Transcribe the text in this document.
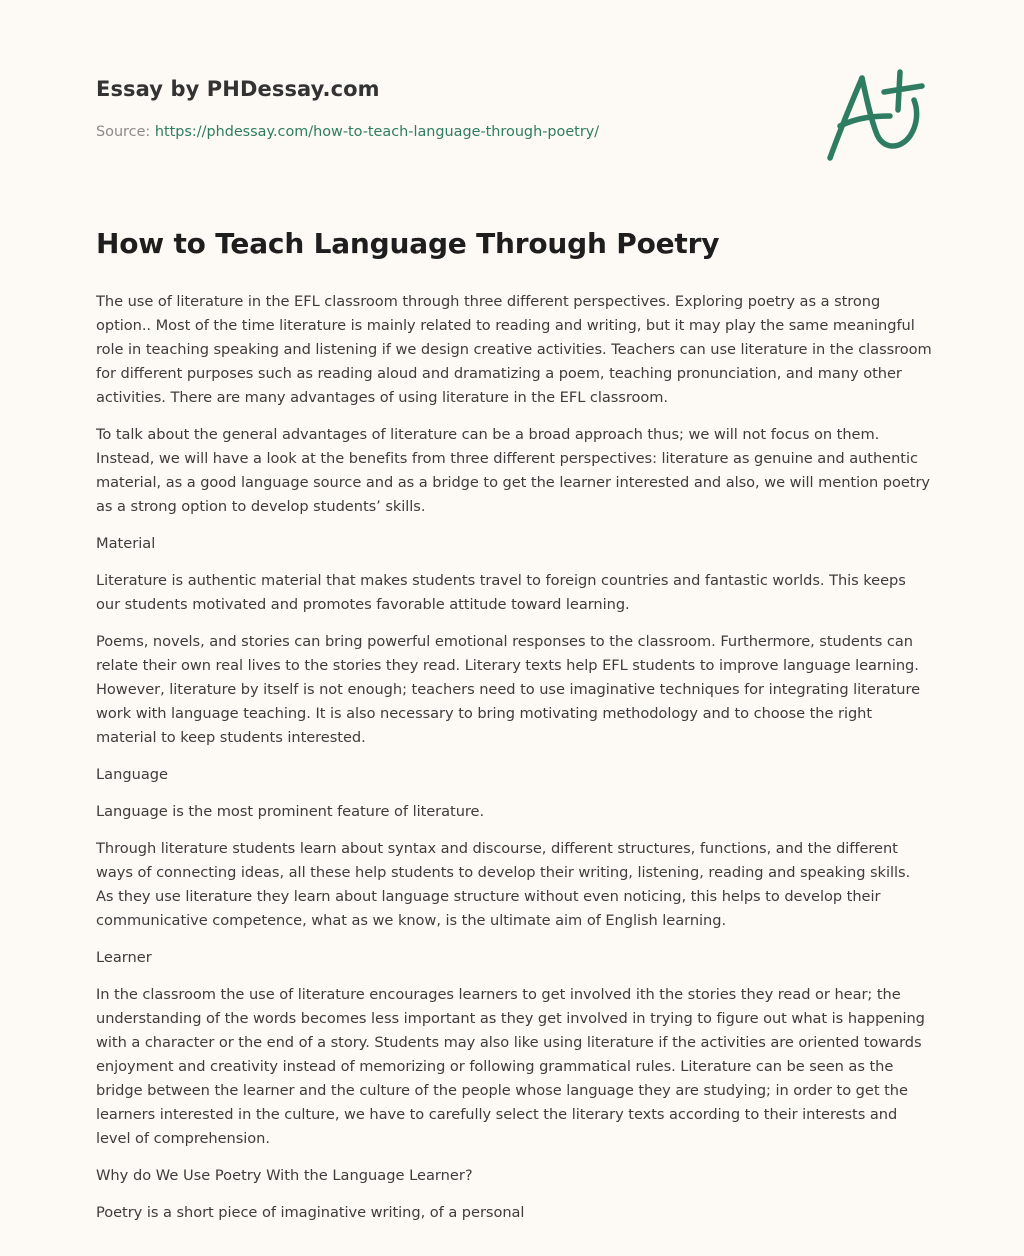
Essay by PHDessay.com
Source: https://phdessay.com/how-to-teach-language-through-poetry/
How to Teach Language Through Poetry

The use of literature in the EFL classroom through three different perspectives. Exploring poetry as a strong option.. Most of the time literature is mainly related to reading and writing, but it may play the same meaningful role in teaching speaking and listening if we design creative activities. Teachers can use literature in the classroom for different purposes such as reading aloud and dramatizing a poem, teaching pronunciation, and many other activities. There are many advantages of using literature in the EFL classroom.

To talk about the general advantages of literature can be a broad approach thus; we will not focus on them. Instead, we will have a look at the benefits from three different perspectives: literature as genuine and authentic material, as a good language source and as a bridge to get the learner interested and also, we will mention poetry as a strong option to develop students’ skills.

Material

Literature is authentic material that makes students travel to foreign countries and fantastic worlds. This keeps our students motivated and promotes favorable attitude toward learning.

Poems, novels, and stories can bring powerful emotional responses to the classroom. Furthermore, students can relate their own real lives to the stories they read. Literary texts help EFL students to improve language learning. However, literature by itself is not enough; teachers need to use imaginative techniques for integrating literature work with language teaching. It is also necessary to bring motivating methodology and to choose the right material to keep students interested.

Language

Language is the most prominent feature of literature.

Through literature students learn about syntax and discourse, different structures, functions, and the different ways of connecting ideas, all these help students to develop their writing, listening, reading and speaking skills. As they use literature they learn about language structure without even noticing, this helps to develop their communicative competence, what as we know, is the ultimate aim of English learning.

Learner

In the classroom the use of literature encourages learners to get involved ith the stories they read or hear; the understanding of the words becomes less important as they get involved in trying to figure out what is happening with a character or the end of a story. Students may also like using literature if the activities are oriented towards enjoyment and creativity instead of memorizing or following grammatical rules. Literature can be seen as the bridge between the learner and the culture of the people whose language they are studying; in order to get the learners interested in the culture, we have to carefully select the literary texts according to their interests and level of comprehension.

Why do We Use Poetry With the Language Learner?

Poetry is a short piece of imaginative writing, of a personal
